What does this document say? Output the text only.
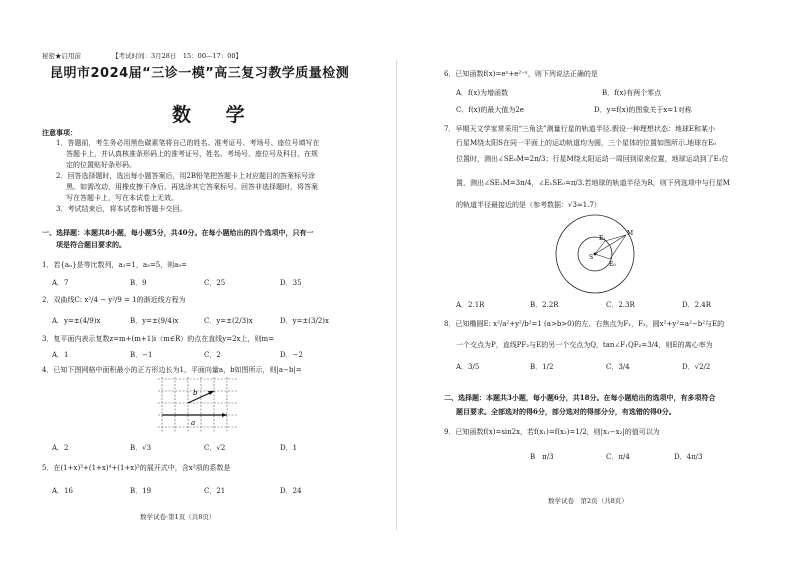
秘密★启用前	【考试时间：3月28日　15：00—17：00】
昆明市2024届“三诊一模”高三复习教学质量检测
数 学
注意事项：
1．答题前，考生务必用黑色碳素笔将自己的姓名、准考证号、考场号、座位号填写在
答题卡上，并认真核准条形码上的准考证号、姓名、考场号、座位号及科目，在规
定的位置贴好条形码。
2．回答选择题时，选出每小题答案后，用2B铅笔把答题卡上对应题目的答案标号涂
黑。如需改动，用橡皮擦干净后，再选涂其它答案标号。回答非选择题时，将答案
写在答题卡上，写在本试卷上无效。
3．考试结束后，将本试卷和答题卡交回。
一、选择题：本题共8小题，每小题5分，共40分。在每小题给出的四个选项中，只有一
项是符合题目要求的。
1．若{aₙ}是等比数列，a₁=1，a₅=5，则a₉=
A．7	B．9	C．25	D．35
2．双曲线C: x²/4 − y²/9 = 1的渐近线方程为
A．y=±(4/9)x	B．y=±(9/4)x	C．y=±(2/3)x	D．y=±(3/2)x
3．复平面内表示复数z=m+(m+1)i（m∈R）的点在直线y=2x上，则m=
A．1	B．−1	C．2	D．−2
4．已知下图网格中面积最小的正方形边长为1，平面向量a，b如图所示，则|a−b|=
a
b
A．2	B．√3	C．√2	D．1
5．在(1+x)³+(1+x)⁴+(1+x)⁵的展开式中，含x²项的系数是
A．16	B．19	C．21	D．24
数学试卷·第1页（共8页）
6．已知函数f(x)=eˣ+e²⁻ˣ，则下列说法正确的是
A．f(x)为增函数	B．f(x)有两个零点
C．f(x)的最大值为2e	D．y=f(x)的图象关于x=1对称
7．早期天文学家常采用“三角法”测量行星的轨道半径.假设一种理想状态：地球E和某小
行星M绕太阳S在同一平面上的运动轨道均为圆，三个星体的位置如图所示.地球在E₀
位置时，测出∠SE₀M=2π/3；行星M绕太阳运动一周回到原来位置，地球运动到了E₁位
置，测出∠SE₁M=3π/4，∠E₁SE₀=π/3.若地球的轨道半径为R，则下列选项中与行星M
的轨道半径最接近的是（参考数据：√3≈1.7）
E₁
M
S
E₀
A．2.1R	B．2.2R	C．2.3R	D．2.4R
8．已知椭圆E: x²/a²+y²/b²=1 (a>b>0)的左、右焦点为F₁，F₂，圆x²+y²=a²−b²与E的
一个交点为P，直线PF₂与E的另一个交点为Q，tan∠F₁QF₂=3/4，则E的离心率为
A．3/5	B．1/2	C．3/4	D．√2/2
二、选择题：本题共3小题，每小题6分，共18分。在每小题给出的选项中，有多项符合
题目要求。全部选对的得6分，部分选对的得部分分，有选错的得0分。
9．已知函数f(x)=sin2x，若f(x₁)=f(x₂)=1/2，则|x₁−x₂|的值可以为
B　π/3	C．π/4	D．4π/3
数学试卷　第2页（共8页）
